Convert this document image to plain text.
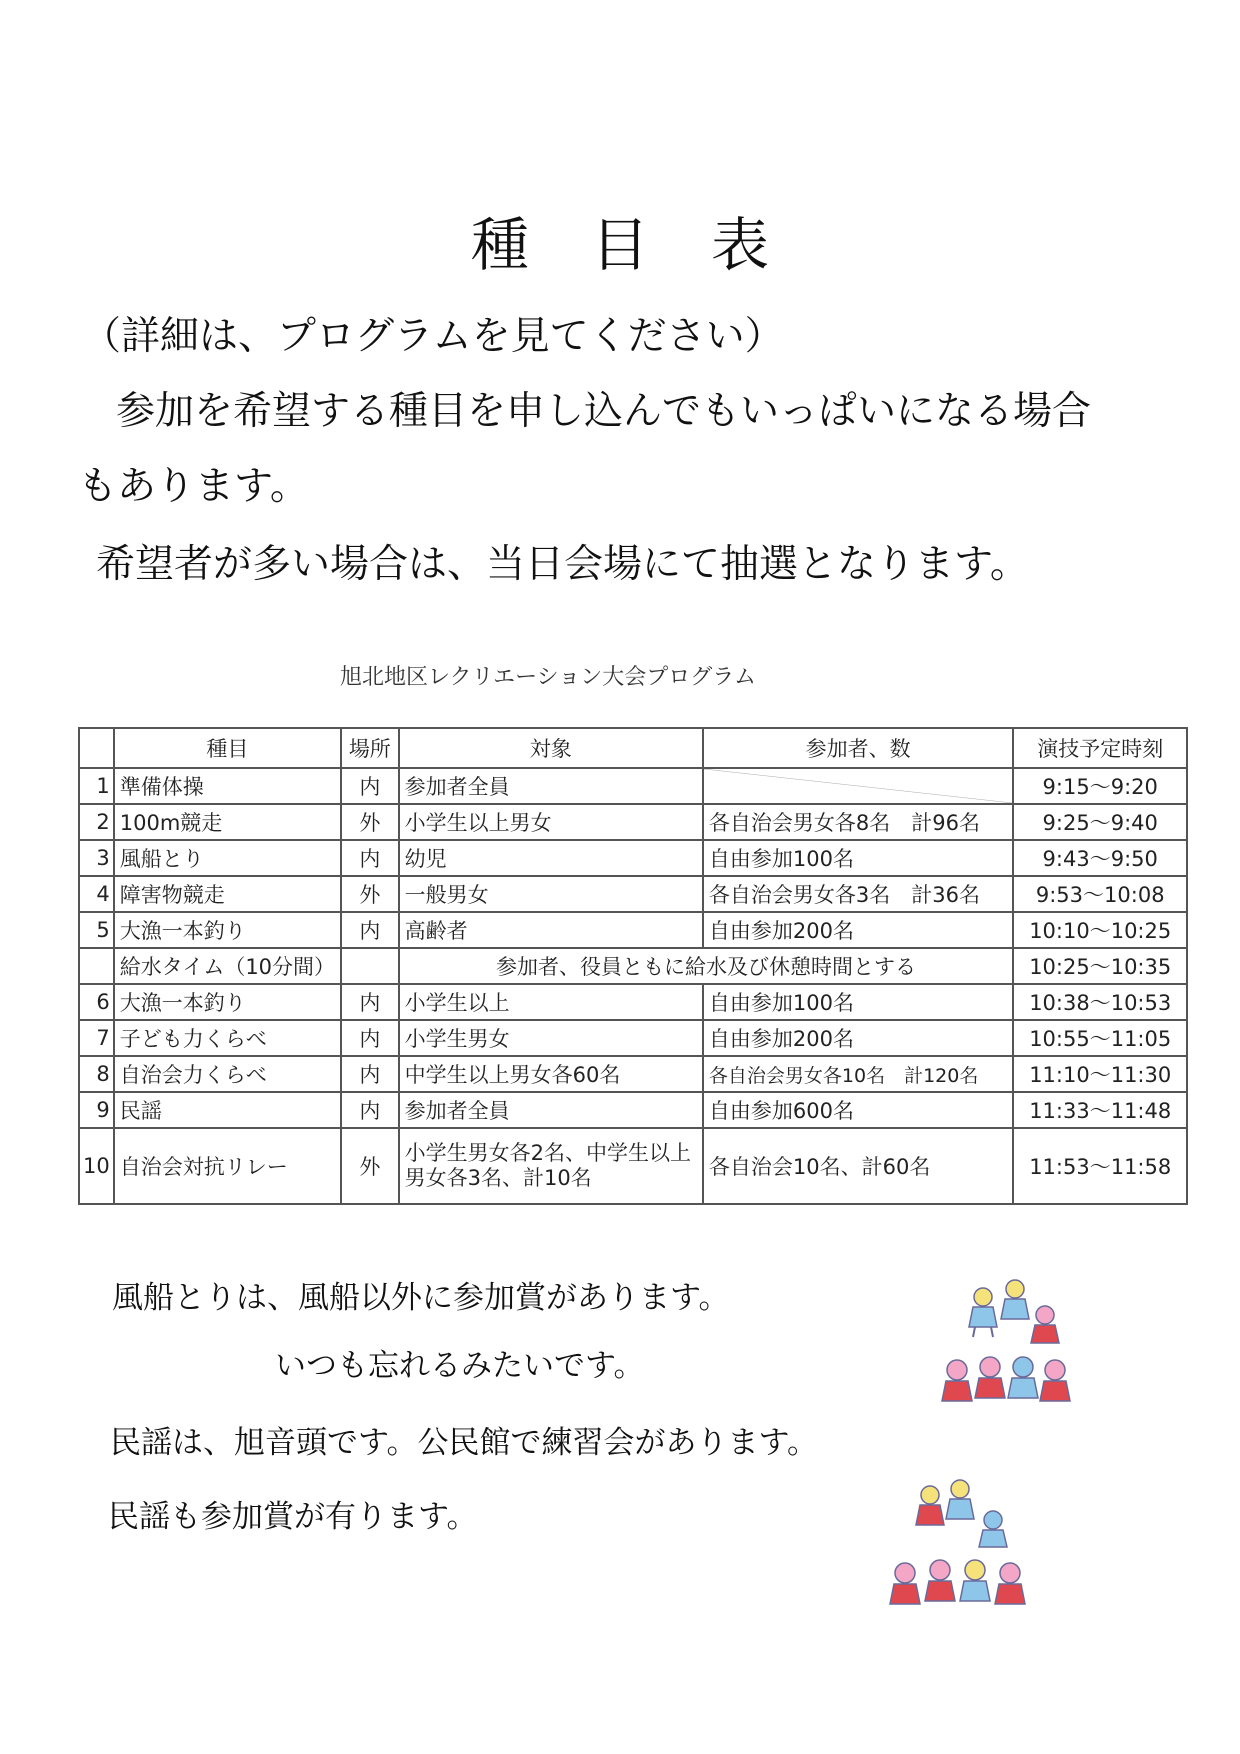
種目表
（詳細は、プログラムを見てください）
参加を希望する種目を申し込んでもいっぱいになる場合
もあります。
希望者が多い場合は、当日会場にて抽選となります。
旭北地区レクリエーション大会プログラム
	種目	場所	対象	参加者、数	演技予定時刻
1	準備体操	内	参加者全員		9:15～9:20
2	100m競走	外	小学生以上男女	各自治会男女各8名　計96名	9:25～9:40
3	風船とり	内	幼児	自由参加100名	9:43～9:50
4	障害物競走	外	一般男女	各自治会男女各3名　計36名	9:53～10:08
5	大漁一本釣り	内	高齢者	自由参加200名	10:10～10:25
	給水タイム（10分間）		参加者、役員ともに給水及び休憩時間とする		10:25～10:35
6	大漁一本釣り	内	小学生以上	自由参加100名	10:38～10:53
7	子ども力くらべ	内	小学生男女	自由参加200名	10:55～11:05
8	自治会力くらべ	内	中学生以上男女各60名	各自治会男女各10名　計120名	11:10～11:30
9	民謡	内	参加者全員	自由参加600名	11:33～11:48
10	自治会対抗リレー	外	小学生男女各2名、中学生以上男女各3名、計10名	各自治会10名、計60名	11:53～11:58
風船とりは、風船以外に参加賞があります。
いつも忘れるみたいです。
民謡は、旭音頭です。公民館で練習会があります。
民謡も参加賞が有ります。
